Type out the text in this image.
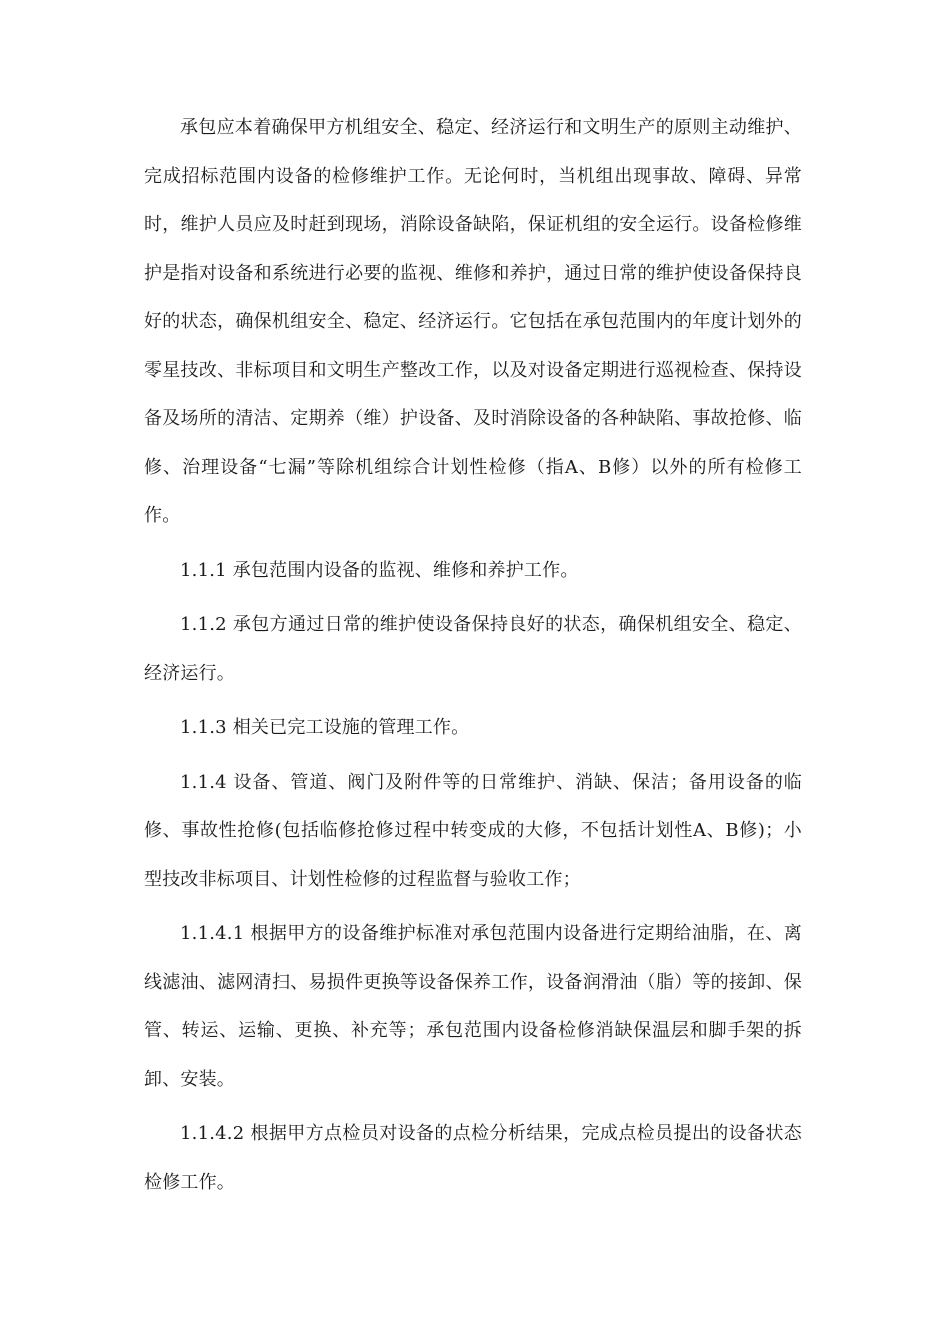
承包应本着确保甲方机组安全、稳定、经济运行和文明生产的原则主动维护、完成招标范围内设备的检修维护工作。无论何时，当机组出现事故、障碍、异常时，维护人员应及时赶到现场，消除设备缺陷，保证机组的安全运行。设备检修维护是指对设备和系统进行必要的监视、维修和养护，通过日常的维护使设备保持良好的状态，确保机组安全、稳定、经济运行。它包括在承包范围内的年度计划外的零星技改、非标项目和文明生产整改工作，以及对设备定期进行巡视检查、保持设备及场所的清洁、定期养（维）护设备、及时消除设备的各种缺陷、事故抢修、临修、治理设备“七漏”等除机组综合计划性检修（指A、B修）以外的所有检修工作。

1.1.1 承包范围内设备的监视、维修和养护工作。

1.1.2 承包方通过日常的维护使设备保持良好的状态，确保机组安全、稳定、经济运行。

1.1.3 相关已完工设施的管理工作。

1.1.4 设备、管道、阀门及附件等的日常维护、消缺、保洁；备用设备的临修、事故性抢修(包括临修抢修过程中转变成的大修，不包括计划性A、B修)；小型技改非标项目、计划性检修的过程监督与验收工作；

1.1.4.1 根据甲方的设备维护标准对承包范围内设备进行定期给油脂，在、离线滤油、滤网清扫、易损件更换等设备保养工作，设备润滑油（脂）等的接卸、保管、转运、运输、更换、补充等；承包范围内设备检修消缺保温层和脚手架的拆卸、安装。

1.1.4.2 根据甲方点检员对设备的点检分析结果，完成点检员提出的设备状态检修工作。
